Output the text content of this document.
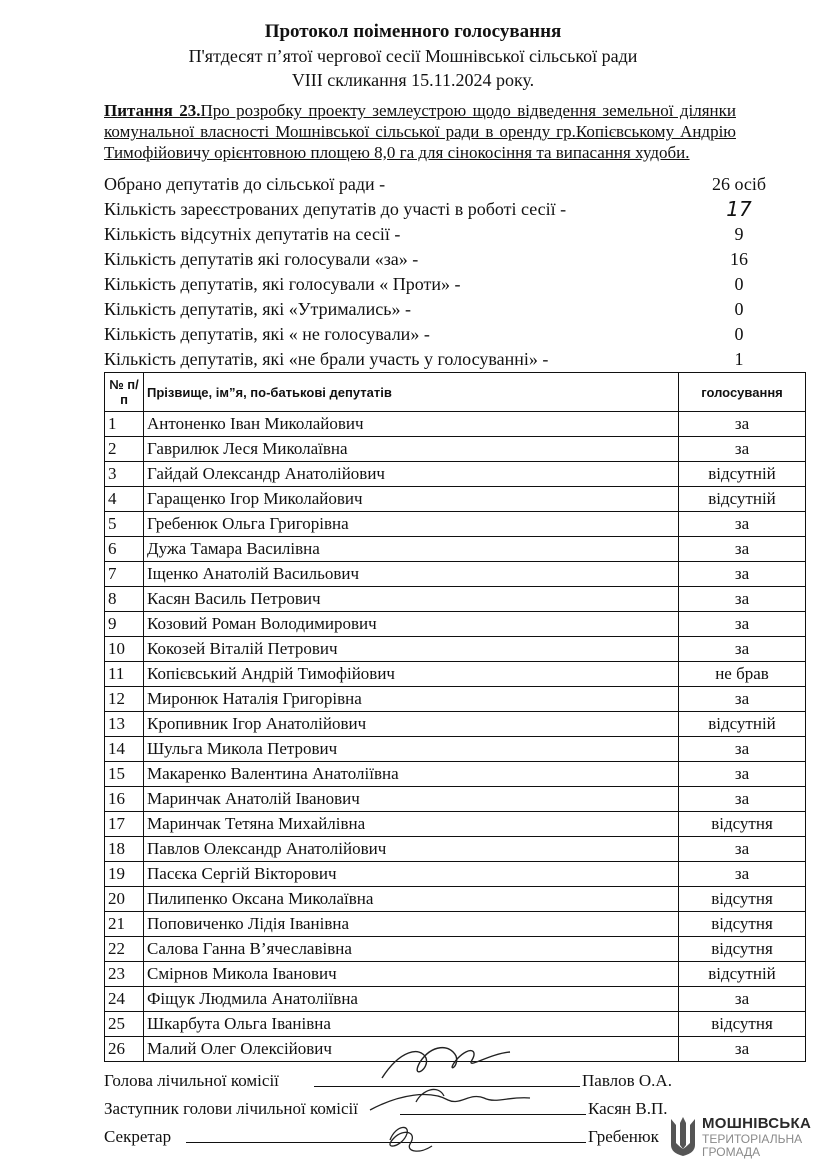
Протокол поіменного голосування
П'ятдесят п’ятої чергової сесії Мошнівської сільської ради
VIII скликання 15.11.2024 року.
Питання 23.Про розробку проекту землеустрою щодо відведення земельної ділянки комунальної власності Мошнівської сільської ради в оренду гр.Копієвському Андрію Тимофійовичу орієнтовною площею 8,0 га для сінокосіння та випасання худоби.
Обрано депутатів до сільської ради -	26 осіб
Кількість зареєстрованих депутатів до участі в роботі сесії -	17
Кількість відсутніх депутатів на сесії -	9
Кількість депутатів які голосували «за» -	16
Кількість депутатів, які голосували « Проти» -	0
Кількість депутатів, які «Утримались» -	0
Кількість депутатів, які « не голосували» -	0
Кількість депутатів, які «не брали участь у голосуванні» -	1
№ п/п	Прізвище, ім”я, по-батькові депутатів	голосування
1	Антоненко Іван Миколайович	за
2	Гаврилюк Леся Миколаївна	за
3	Гайдай Олександр Анатолійович	відсутній
4	Гаращенко Ігор Миколайович	відсутній
5	Гребенюк Ольга Григорівна	за
6	Дужа Тамара Василівна	за
7	Іщенко Анатолій Васильович	за
8	Касян Василь Петрович	за
9	Козовий Роман Володимирович	за
10	Кокозей Віталій Петрович	за
11	Копієвський Андрій Тимофійович	не брав
12	Миронюк Наталія Григорівна	за
13	Кропивник Ігор Анатолійович	відсутній
14	Шульга Микола Петрович	за
15	Макаренко Валентина Анатоліївна	за
16	Маринчак Анатолій Іванович	за
17	Маринчак Тетяна Михайлівна	відсутня
18	Павлов Олександр Анатолійович	за
19	Пасєка Сергій Вікторович	за
20	Пилипенко Оксана Миколаївна	відсутня
21	Поповиченко Лідія Іванівна	відсутня
22	Салова Ганна В’ячеславівна	відсутня
23	Смірнов Микола Іванович	відсутній
24	Фіщук Людмила Анатоліївна	за
25	Шкарбута Ольга Іванівна	відсутня
26	Малий Олег Олексійович	за
Голова лічильної комісії	Павлов О.А.
Заступник голови лічильної комісії	Касян В.П.
Секретар	Гребенюк
МОШНІВСЬКА
ТЕРИТОРІАЛЬНА
ГРОМАДА
